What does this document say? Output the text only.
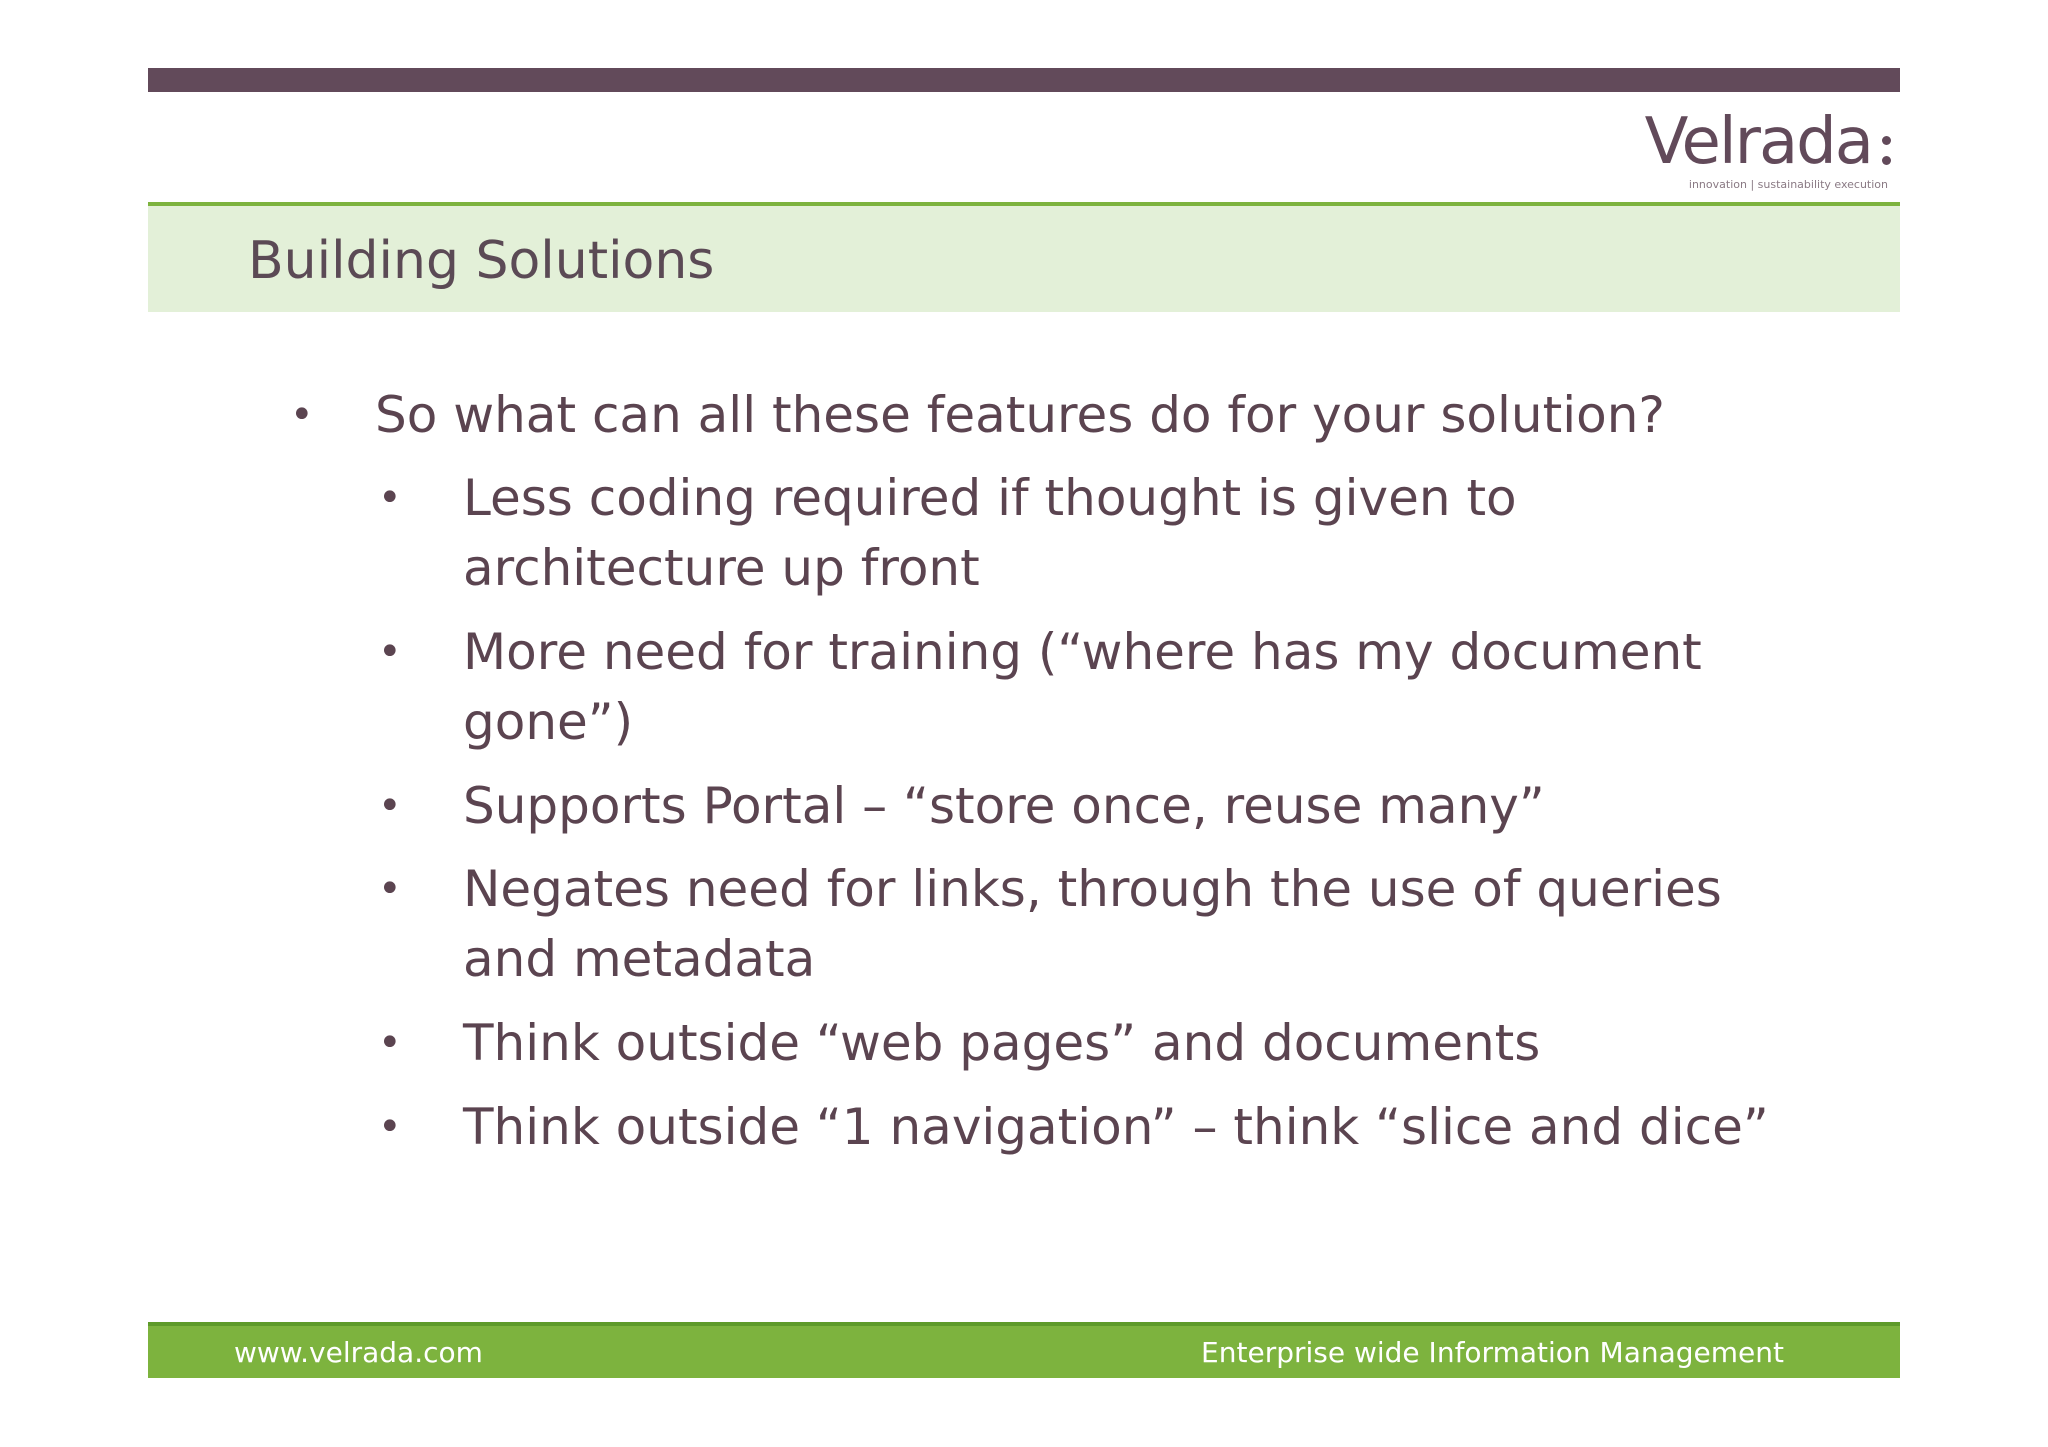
Velrada
innovation | sustainability execution
Building Solutions
• So what can all these features do for your solution?
• Less coding required if thought is given to
architecture up front
• More need for training (“where has my document
gone”)
• Supports Portal – “store once, reuse many”
• Negates need for links, through the use of queries
and metadata
• Think outside “web pages” and documents
• Think outside “1 navigation” – think “slice and dice”
www.velrada.com	Enterprise wide Information Management
